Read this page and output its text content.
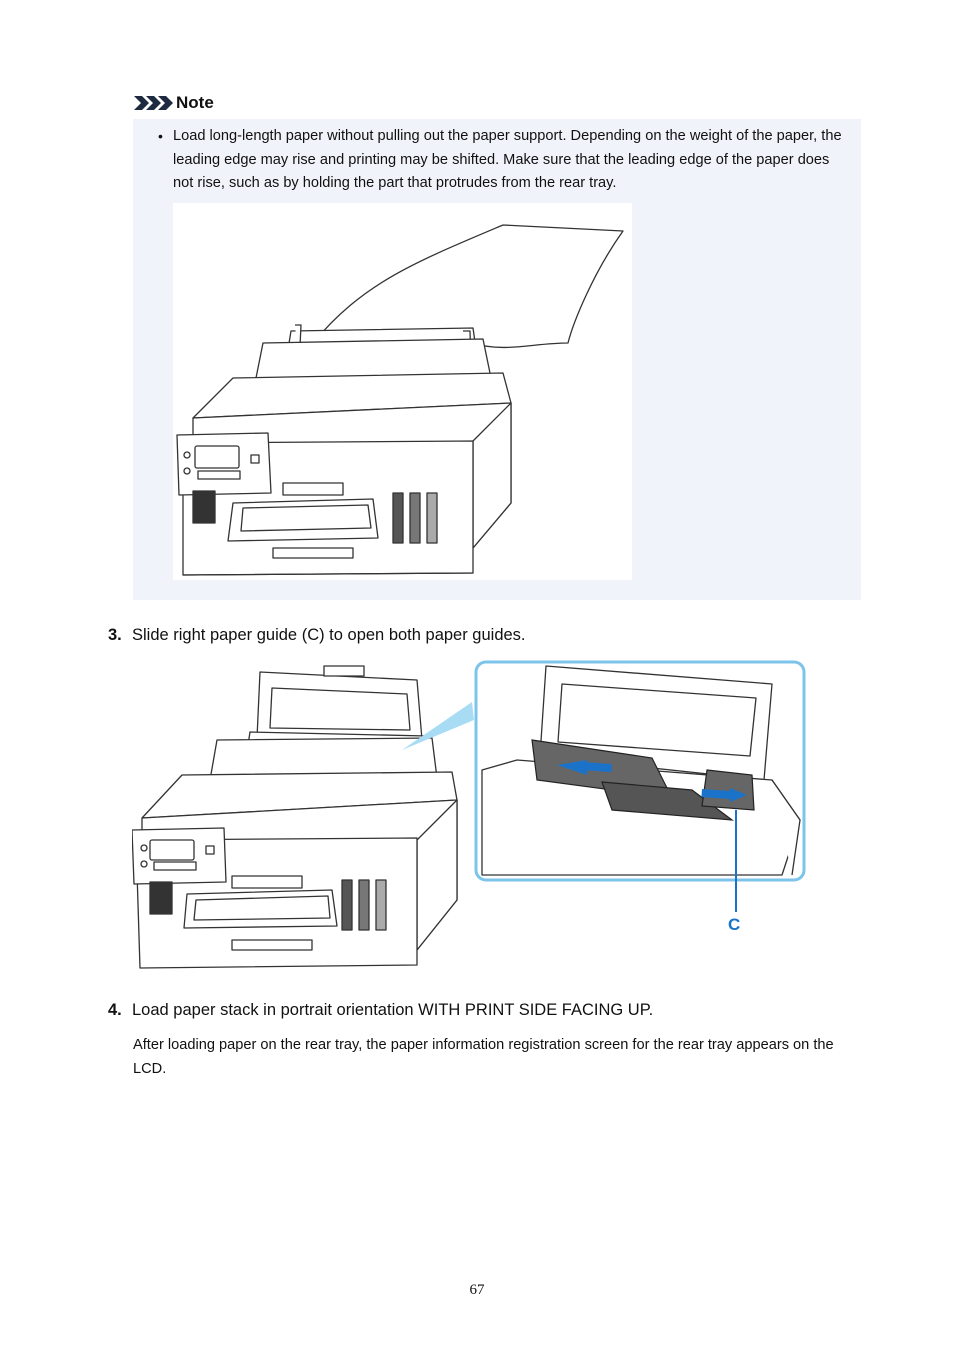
Note
• Load long-length paper without pulling out the paper support. Depending on the weight of the paper, the leading edge may rise and printing may be shifted. Make sure that the leading edge of the paper does not rise, such as by holding the part that protrudes from the rear tray.
3. Slide right paper guide (C) to open both paper guides.
C
4. Load paper stack in portrait orientation WITH PRINT SIDE FACING UP.
After loading paper on the rear tray, the paper information registration screen for the rear tray appears on the LCD.
67
